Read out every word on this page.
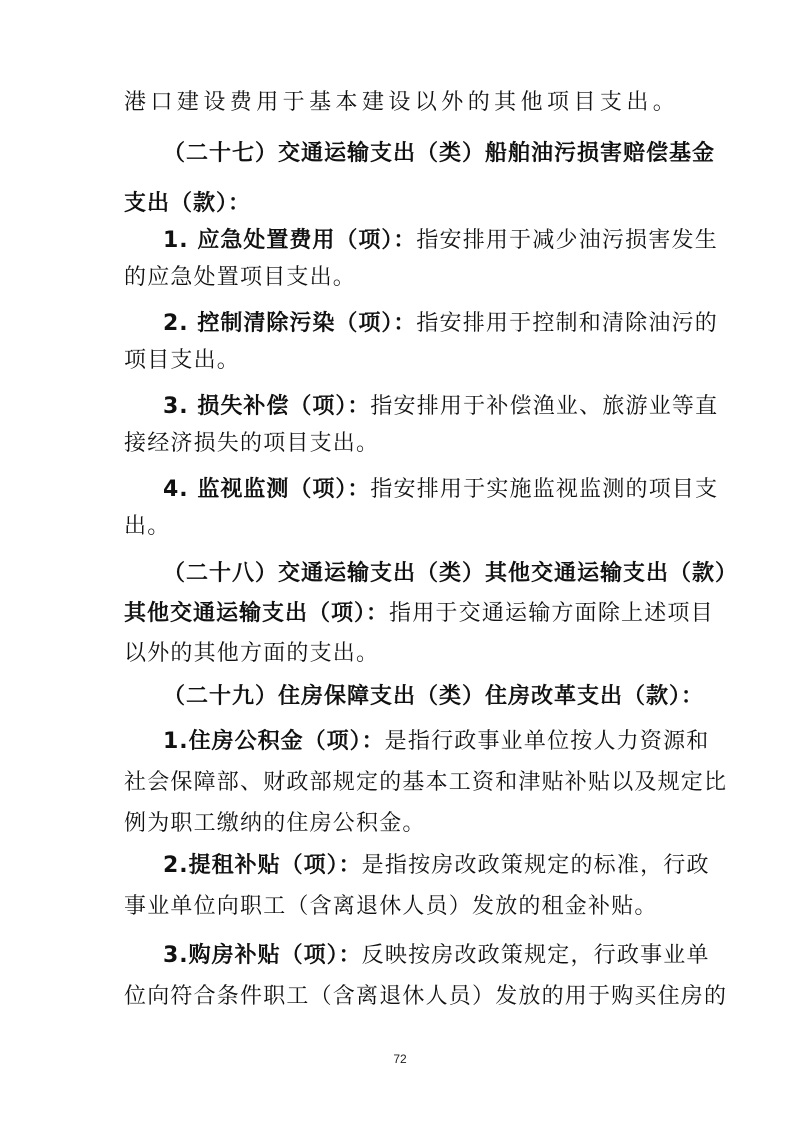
港口建设费用于基本建设以外的其他项目支出。
（二十七）交通运输支出（类）船舶油污损害赔偿基金
支出（款）：
1. 应急处置费用（项）：指安排用于减少油污损害发生
的应急处置项目支出。
2. 控制清除污染（项）：指安排用于控制和清除油污的
项目支出。
3. 损失补偿（项）：指安排用于补偿渔业、旅游业等直
接经济损失的项目支出。
4. 监视监测（项）：指安排用于实施监视监测的项目支
出。
（二十八）交通运输支出（类）其他交通运输支出（款）
其他交通运输支出（项）：指用于交通运输方面除上述项目
以外的其他方面的支出。
（二十九）住房保障支出（类）住房改革支出（款）：
1.住房公积金（项）：是指行政事业单位按人力资源和
社会保障部、财政部规定的基本工资和津贴补贴以及规定比
例为职工缴纳的住房公积金。
2.提租补贴（项）：是指按房改政策规定的标准，行政
事业单位向职工（含离退休人员）发放的租金补贴。
3.购房补贴（项）：反映按房改政策规定，行政事业单
位向符合条件职工（含离退休人员）发放的用于购买住房的
72
